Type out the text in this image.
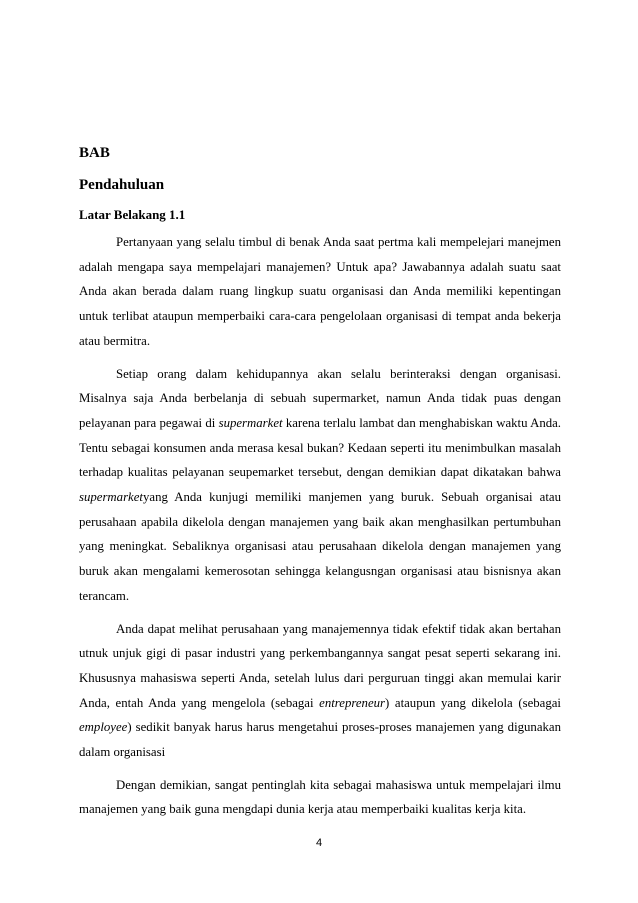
BAB
Pendahuluan
Latar Belakang 1.1

Pertanyaan yang selalu timbul di benak Anda saat pertma kali mempelejari manejmen adalah mengapa saya mempelajari manajemen? Untuk apa? Jawabannya adalah suatu saat Anda akan berada dalam ruang lingkup suatu organisasi dan Anda memiliki kepentingan untuk terlibat ataupun memperbaiki cara-cara pengelolaan organisasi di tempat anda bekerja atau bermitra.

Setiap orang dalam kehidupannya akan selalu berinteraksi dengan organisasi. Misalnya saja Anda berbelanja di sebuah supermarket, namun Anda tidak puas dengan pelayanan para pegawai di supermarket karena terlalu lambat dan menghabiskan waktu Anda. Tentu sebagai konsumen anda merasa kesal bukan? Kedaan seperti itu menimbulkan masalah terhadap kualitas pelayanan seupemarket tersebut, dengan demikian dapat dikatakan bahwa supermarketyang Anda kunjugi memiliki manjemen yang buruk. Sebuah organisai atau perusahaan apabila dikelola dengan manajemen yang baik akan menghasilkan pertumbuhan yang meningkat. Sebaliknya organisasi atau perusahaan dikelola dengan manajemen yang buruk akan mengalami kemerosotan sehingga kelangusngan organisasi atau bisnisnya akan terancam.

Anda dapat melihat perusahaan yang manajemennya tidak efektif tidak akan bertahan utnuk unjuk gigi di pasar industri yang perkembangannya sangat pesat seperti sekarang ini. Khususnya mahasiswa seperti Anda, setelah lulus dari perguruan tinggi akan memulai karir Anda, entah Anda yang mengelola (sebagai entrepreneur) ataupun yang dikelola (sebagai employee) sedikit banyak harus harus mengetahui proses-proses manajemen yang digunakan dalam organisasi

Dengan demikian, sangat pentinglah kita sebagai mahasiswa untuk mempelajari ilmu manajemen yang baik guna mengdapi dunia kerja atau memperbaiki kualitas kerja kita.

4
